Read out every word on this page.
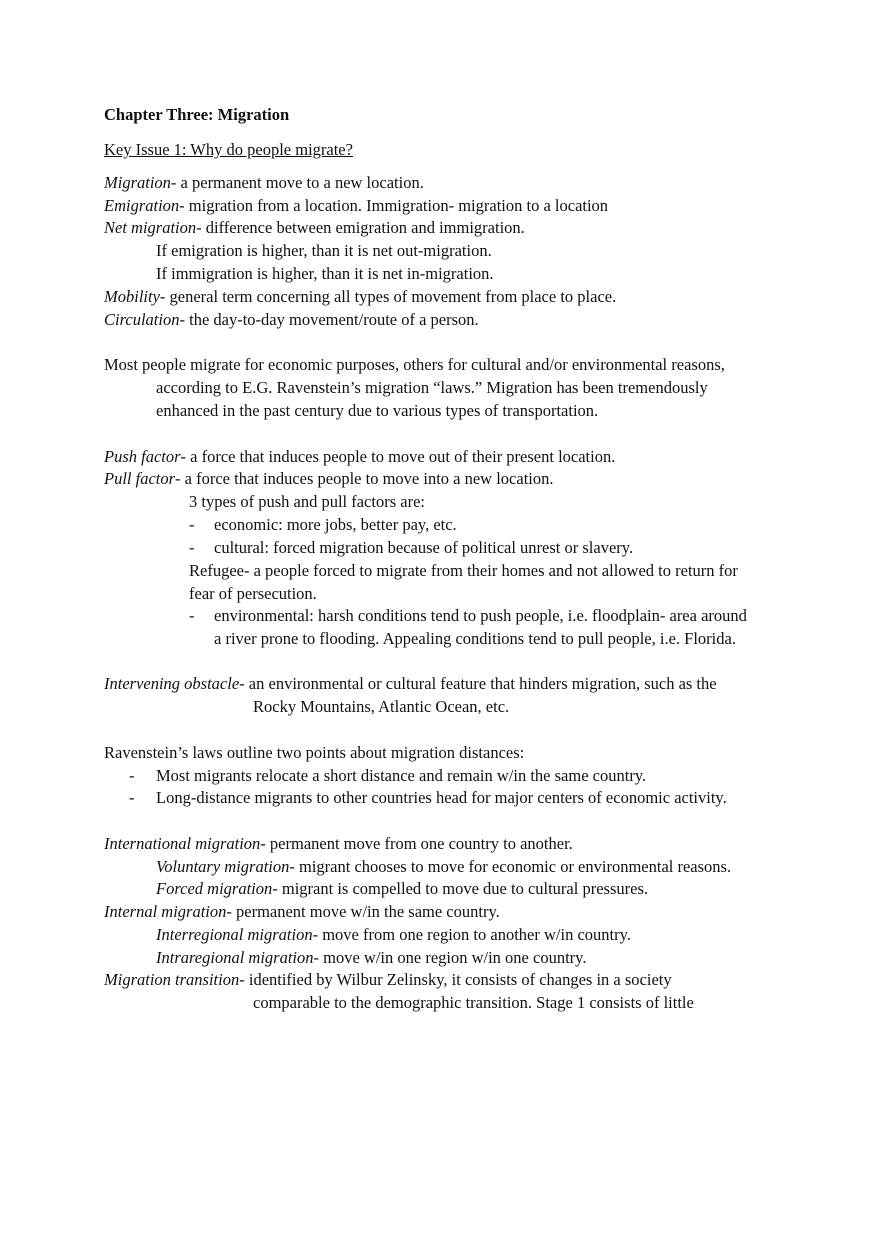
Chapter Three: Migration
Key Issue 1: Why do people migrate?
Migration- a permanent move to a new location.
Emigration- migration from a location. Immigration- migration to a location
Net migration- difference between emigration and immigration.
If emigration is higher, than it is net out-migration.
If immigration is higher, than it is net in-migration.
Mobility- general term concerning all types of movement from place to place.
Circulation- the day-to-day movement/route of a person.
Most people migrate for economic purposes, others for cultural and/or environmental reasons,
according to E.G. Ravenstein’s migration “laws.” Migration has been tremendously
enhanced in the past century due to various types of transportation.
Push factor- a force that induces people to move out of their present location.
Pull factor- a force that induces people to move into a new location.
3 types of push and pull factors are:
- economic: more jobs, better pay, etc.
- cultural: forced migration because of political unrest or slavery.
Refugee- a people forced to migrate from their homes and not allowed to return for
fear of persecution.
- environmental: harsh conditions tend to push people, i.e. floodplain- area around
a river prone to flooding. Appealing conditions tend to pull people, i.e. Florida.
Intervening obstacle- an environmental or cultural feature that hinders migration, such as the
Rocky Mountains, Atlantic Ocean, etc.
Ravenstein’s laws outline two points about migration distances:
- Most migrants relocate a short distance and remain w/in the same country.
- Long-distance migrants to other countries head for major centers of economic activity.
International migration- permanent move from one country to another.
Voluntary migration- migrant chooses to move for economic or environmental reasons.
Forced migration- migrant is compelled to move due to cultural pressures.
Internal migration- permanent move w/in the same country.
Interregional migration- move from one region to another w/in country.
Intraregional migration- move w/in one region w/in one country.
Migration transition- identified by Wilbur Zelinsky, it consists of changes in a society
comparable to the demographic transition. Stage 1 consists of little
